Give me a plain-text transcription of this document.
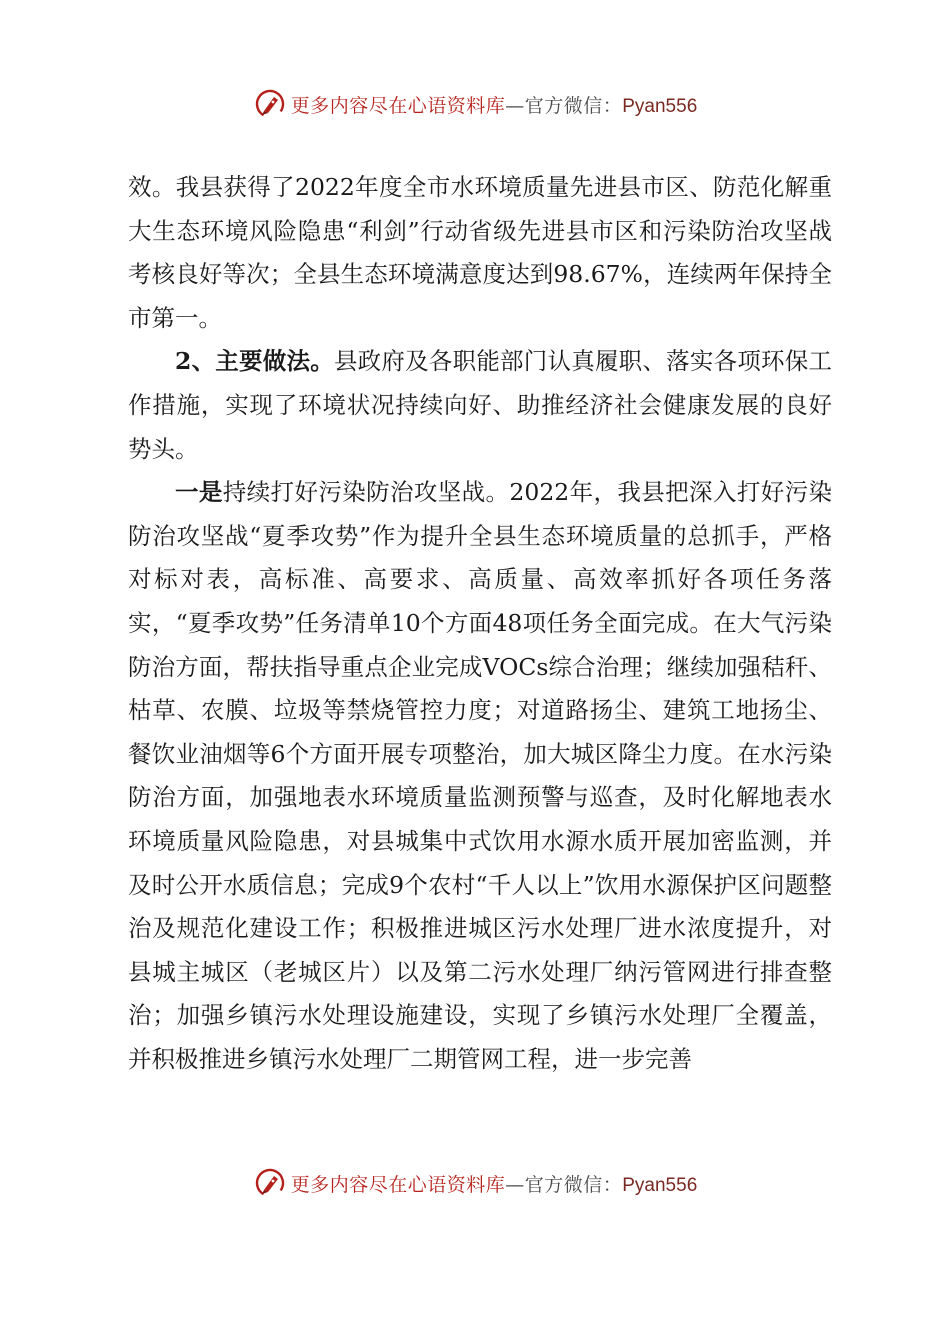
更多内容尽在心语资料库—官方微信：Pyan556

效。我县获得了2022年度全市水环境质量先进县市区、防范化解重大生态环境风险隐患“利剑”行动省级先进县市区和污染防治攻坚战考核良好等次；全县生态环境满意度达到98.67%，连续两年保持全市第一。

2、主要做法。县政府及各职能部门认真履职、落实各项环保工作措施，实现了环境状况持续向好、助推经济社会健康发展的良好势头。

一是持续打好污染防治攻坚战。2022年，我县把深入打好污染防治攻坚战“夏季攻势”作为提升全县生态环境质量的总抓手，严格对标对表，高标准、高要求、高质量、高效率抓好各项任务落实，“夏季攻势”任务清单10个方面48项任务全面完成。在大气污染防治方面，帮扶指导重点企业完成VOCs综合治理；继续加强秸秆、枯草、农膜、垃圾等禁烧管控力度；对道路扬尘、建筑工地扬尘、餐饮业油烟等6个方面开展专项整治，加大城区降尘力度。在水污染防治方面，加强地表水环境质量监测预警与巡查，及时化解地表水环境质量风险隐患，对县城集中式饮用水源水质开展加密监测，并及时公开水质信息；完成9个农村“千人以上”饮用水源保护区问题整治及规范化建设工作；积极推进城区污水处理厂进水浓度提升，对县城主城区（老城区片）以及第二污水处理厂纳污管网进行排查整治；加强乡镇污水处理设施建设，实现了乡镇污水处理厂全覆盖，并积极推进乡镇污水处理厂二期管网工程，进一步完善

更多内容尽在心语资料库—官方微信：Pyan556
